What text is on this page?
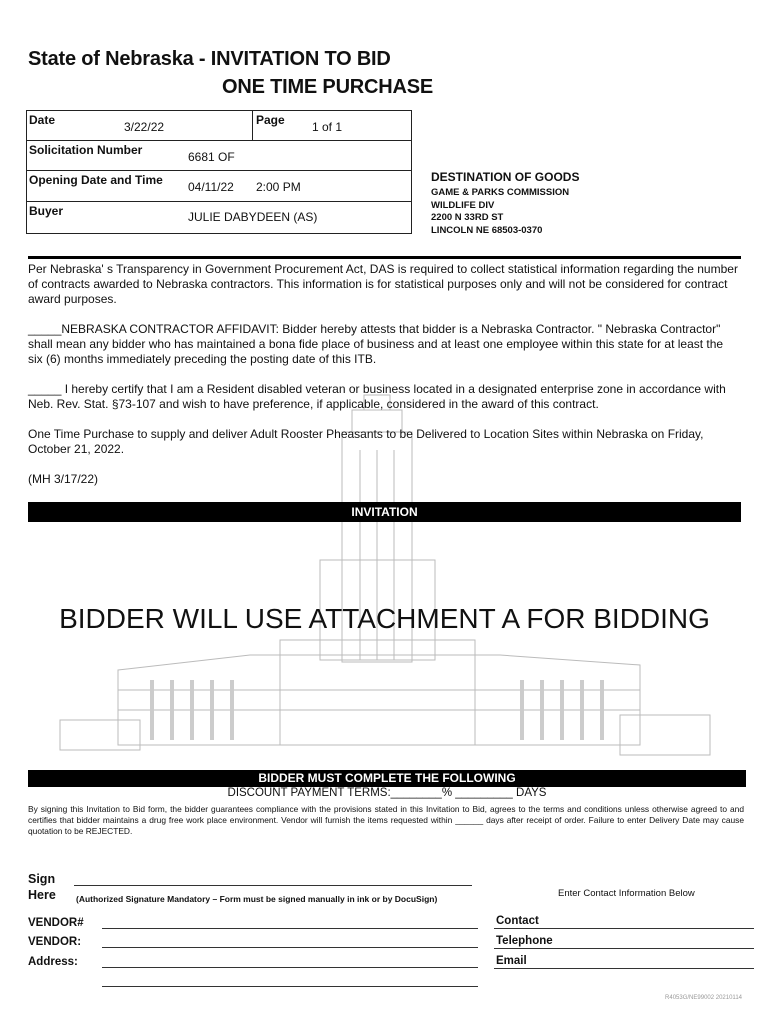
State of Nebraska - INVITATION TO BID
ONE TIME PURCHASE
Date	3/22/22	Page 1 of 1
Solicitation Number	6681 OF
Opening Date and Time 04/11/22 2:00 PM
Buyer	JULIE DABYDEEN (AS)
DESTINATION OF GOODS
GAME & PARKS COMMISSION
WILDLIFE DIV
2200 N 33RD ST
LINCOLN NE 68503-0370
Per Nebraska' s Transparency in Government Procurement Act, DAS is required to collect statistical information regarding the number of contracts awarded to Nebraska contractors. This information is for statistical purposes only and will not be considered for contract award purposes.
_____NEBRASKA CONTRACTOR AFFIDAVIT: Bidder hereby attests that bidder is a Nebraska Contractor. " Nebraska Contractor" shall mean any bidder who has maintained a bona fide place of business and at least one employee within this state for at least the six (6) months immediately preceding the posting date of this ITB.
_____ I hereby certify that I am a Resident disabled veteran or business located in a designated enterprise zone in accordance with Neb. Rev. Stat. §73-107 and wish to have preference, if applicable, considered in the award of this contract.
One Time Purchase to supply and deliver Adult Rooster Pheasants to be Delivered to Location Sites within Nebraska on Friday, October 21, 2022.
(MH 3/17/22)
INVITATION
BIDDER WILL USE ATTACHMENT A FOR BIDDING
BIDDER MUST COMPLETE THE FOLLOWING
DISCOUNT PAYMENT TERMS:________% _________ DAYS
By signing this Invitation to Bid form, the bidder guarantees compliance with the provisions stated in this Invitation to Bid, agrees to the terms and conditions unless otherwise agreed to and certifies that bidder maintains a drug free work place environment. Vendor will furnish the items requested within ______ days after receipt of order. Failure to enter Delivery Date may cause quotation to be REJECTED.
Sign
Here (Authorized Signature Mandatory – Form must be signed manually in ink or by DocuSign)	Enter Contact Information Below
VENDOR#
VENDOR:
Address:
Contact
Telephone
Email
R4053G/NE99002 20210114
